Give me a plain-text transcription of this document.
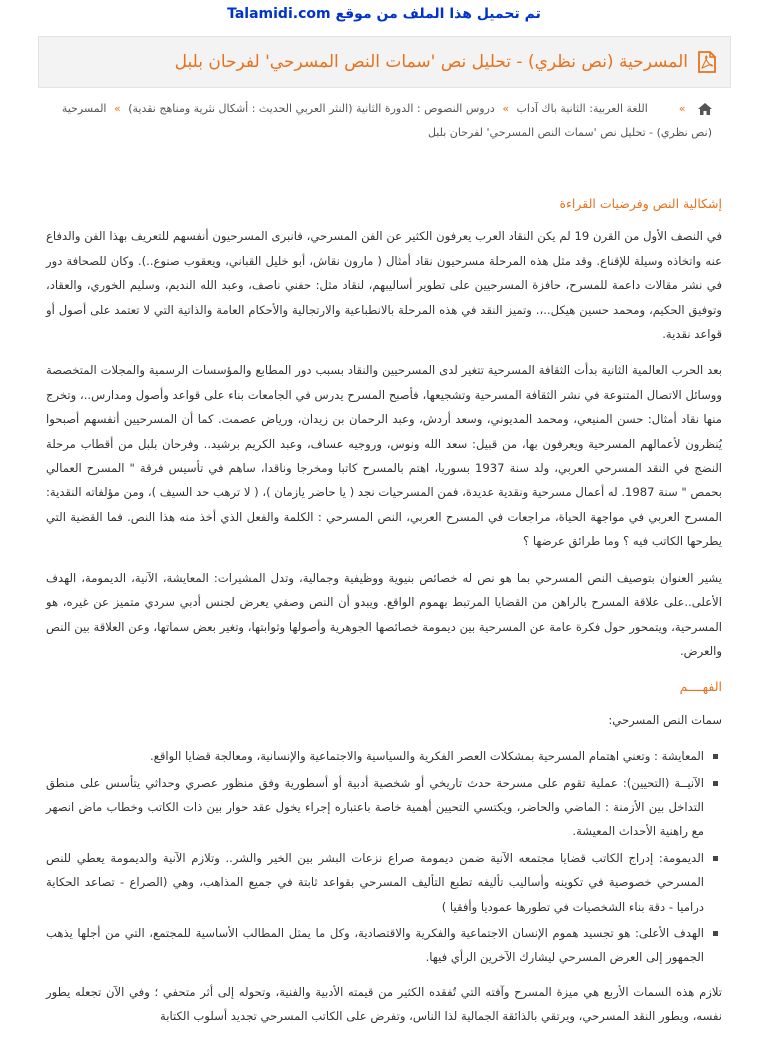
تم تحميل هذا الملف من موقع Talamidi.com
المسرحية (نص نظري) - تحليل نص 'سمات النص المسرحي' لفرحان بلبل
»
اللغة العربية: الثانية باك آداب » دروس النصوص : الدورة الثانية (النثر العربي الحديث : أشكال نثرية ومناهج نقدية) » المسرحية (نص نظري) - تحليل نص 'سمات النص المسرحي' لفرحان بلبل
إشكالية النص وفرضيات القراءة

في النصف الأول من القرن 19 لم يكن النقاد العرب يعرفون الكثير عن الفن المسرحي، فانبرى المسرحيون أنفسهم للتعريف بهذا الفن والدفاع عنه واتخاذه وسيلة للإقناع. وقد مثل هذه المرحلة مسرحيون نقاد أمثال ( مارون نقاش، أبو خليل القباني، ويعقوب صنوع..). وكان للصحافة دور في نشر مقالات داعمة للمسرح، حافزة المسرحيين على تطوير أساليبهم، لنقاد مثل: حفني ناصف، وعبد الله النديم، وسليم الخوري، والعقاد، وتوفيق الحكيم، ومحمد حسين هيكل..،. وتميز النقد في هذه المرحلة بالانطباعية والارتجالية والأحكام العامة والذاتية التي لا تعتمد على أصول أو قواعد نقدية.

بعد الحرب العالمية الثانية بدأت الثقافة المسرحية تتغير لدى المسرحيين والنقاد بسبب دور المطابع والمؤسسات الرسمية والمجلات المتخصصة ووسائل الاتصال المتنوعة في نشر الثقافة المسرحية وتشجيعها، فأصبح المسرح يدرس في الجامعات بناء على قواعد وأصول ومدارس..، وتخرج منها نقاد أمثال: حسن المنيعي، ومحمد المديوني، وسعد أردش، وعبد الرحمان بن زيدان، ورياض عصمت. كما أن المسرحيين أنفسهم أصبحوا يُنظرون لأعمالهم المسرحية ويعرفون بها، من قبيل: سعد الله ونوس، وروجيه عساف، وعبد الكريم برشيد.. وفرحان بلبل من أقطاب مرحلة النضج في النقد المسرحي العربي، ولد سنة 1937 بسوريا، اهتم بالمسرح كاتبا ومخرجا وناقدا، ساهم في تأسيس فرقة " المسرح العمالي بحمص " سنة 1987. له أعمال مسرحية ونقدية عديدة، فمن المسرحيات نجد ( يا حاضر يازمان )، ( لا ترهب حد السيف )، ومن مؤلفاته النقدية: المسرح العربي في مواجهة الحياة، مراجعات في المسرح العربي، النص المسرحي : الكلمة والفعل الذي أخذ منه هذا النص. فما القضية التي يطرحها الكاتب فيه ؟ وما طرائق عرضها ؟

يشير العنوان بتوصيف النص المسرحي بما هو نص له خصائص بنيوية ووظيفية وجمالية، وتدل المشيرات: المعايشة، الآنية، الديمومة، الهدف الأعلى..على علاقة المسرح بالراهن من القضايا المرتبط بهموم الواقع. ويبدو أن النص وصفي يعرض لجنس أدبي سردي متميز عن غيره، هو المسرحية، ويتمحور حول فكرة عامة عن المسرحية بين ديمومة خصائصها الجوهرية وأصولها وثوابتها، وتغير بعض سماتها، وعن العلاقة بين النص والعرض.

الفهــــم

سمات النص المسرحي:

المعايشة : وتعني اهتمام المسرحية بمشكلات العصر الفكرية والسياسية والاجتماعية والإنسانية، ومعالجة قضايا الواقع.
الآنيــة (التحيين): عملية تقوم على مسرحة حدث تاريخي أو شخصية أدبية أو أسطورية وفق منظور عصري وحداثي يتأسس على منطق التداخل بين الأزمنة : الماضي والحاضر، ويكتسي التحيين أهمية خاصة باعتباره إجراء يخول عقد حوار بين ذات الكاتب وخطاب ماض انصهر مع راهنية الأحداث المعيشة.
الديمومة: إدراج الكاتب قضايا مجتمعه الآنية ضمن ديمومة صراع نزعات البشر بين الخير والشر.. وتلازم الآنية والديمومة يعطي للنص المسرحي خصوصية في تكوينه وأساليب تأليفه تطبع التأليف المسرحي بقواعد ثابتة في جميع المذاهب، وهي (الصراع - تصاعد الحكاية دراميا - دقة بناء الشخصيات في تطورها عموديا وأفقيا )
الهدف الأعلى: هو تجسيد هموم الإنسان الاجتماعية والفكرية والاقتصادية، وكل ما يمثل المطالب الأساسية للمجتمع، التي من أجلها يذهب الجمهور إلى العرض المسرحي ليشارك الآخرين الرأي فيها.

تلازم هذه السمات الأربع هي ميزة المسرح وآفته التي تُفقده الكثير من قيمته الأدبية والفنية، وتحوله إلى أثر متحفي ؛ وفي الآن تجعله يطور نفسه، ويطور النقد المسرحي، ويرتقي بالذائقة الجمالية لذا الناس، وتفرض على الكاتب المسرحي تجديد أسلوب الكتابة
